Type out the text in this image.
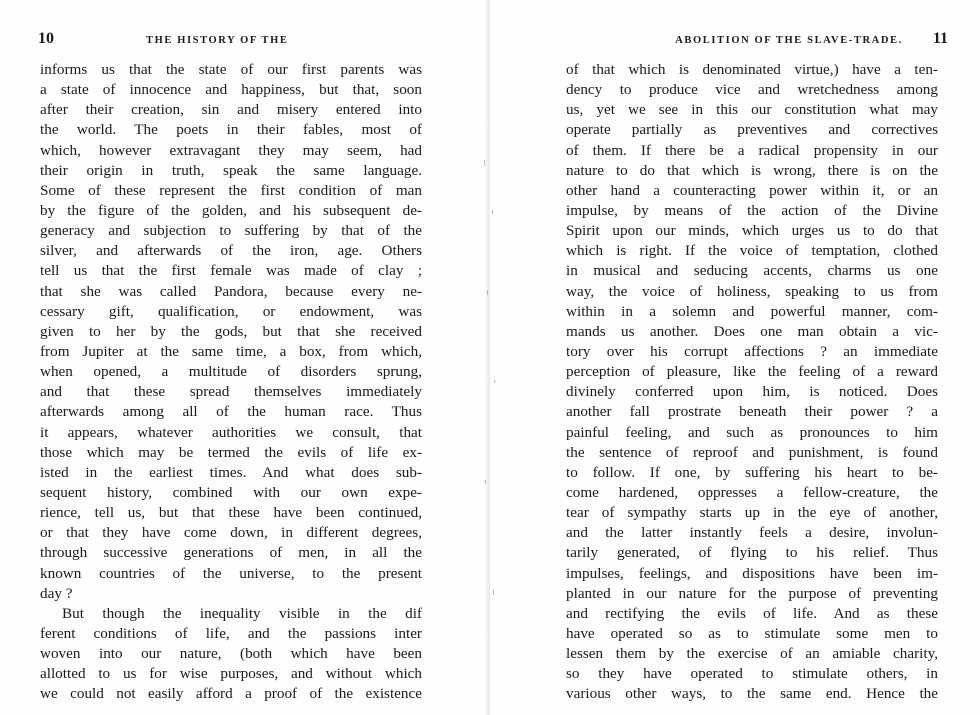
10	THE HISTORY OF THE
informs us that the state of our first parents was
a state of innocence and happiness, but that, soon
after their creation, sin and misery entered into
the world. The poets in their fables, most of
which, however extravagant they may seem, had
their origin in truth, speak the same language.
Some of these represent the first condition of man
by the figure of the golden, and his subsequent de-
generacy and subjection to suffering by that of the
silver, and afterwards of the iron, age. Others
tell us that the first female was made of clay ;
that she was called Pandora, because every ne-
cessary gift, qualification, or endowment, was
given to her by the gods, but that she received
from Jupiter at the same time, a box, from which,
when opened, a multitude of disorders sprung,
and that these spread themselves immediately
afterwards among all of the human race. Thus
it appears, whatever authorities we consult, that
those which may be termed the evils of life ex-
isted in the earliest times. And what does sub-
sequent history, combined with our own expe-
rience, tell us, but that these have been continued,
or that they have come down, in different degrees,
through successive generations of men, in all the
known countries of the universe, to the present
day ?
But though the inequality visible in the dif
ferent conditions of life, and the passions inter
woven into our nature, (both which have been
allotted to us for wise purposes, and without which
we could not easily afford a proof of the existence
ABOLITION OF THE SLAVE-TRADE. 11
of that which is denominated virtue,) have a ten-
dency to produce vice and wretchedness among
us, yet we see in this our constitution what may
operate partially as preventives and correctives
of them. If there be a radical propensity in our
nature to do that which is wrong, there is on the
other hand a counteracting power within it, or an
impulse, by means of the action of the Divine
Spirit upon our minds, which urges us to do that
which is right. If the voice of temptation, clothed
in musical and seducing accents, charms us one
way, the voice of holiness, speaking to us from
within in a solemn and powerful manner, com-
mands us another. Does one man obtain a vic-
tory over his corrupt affections ? an immediate
perception of pleasure, like the feeling of a reward
divinely conferred upon him, is noticed. Does
another fall prostrate beneath their power ? a
painful feeling, and such as pronounces to him
the sentence of reproof and punishment, is found
to follow. If one, by suffering his heart to be-
come hardened, oppresses a fellow-creature, the
tear of sympathy starts up in the eye of another,
and the latter instantly feels a desire, involun-
tarily generated, of flying to his relief. Thus
impulses, feelings, and dispositions have been im-
planted in our nature for the purpose of preventing
and rectifying the evils of life. And as these
have operated so as to stimulate some men to
lessen them by the exercise of an amiable charity,
so they have operated to stimulate others, in
various other ways, to the same end. Hence the
